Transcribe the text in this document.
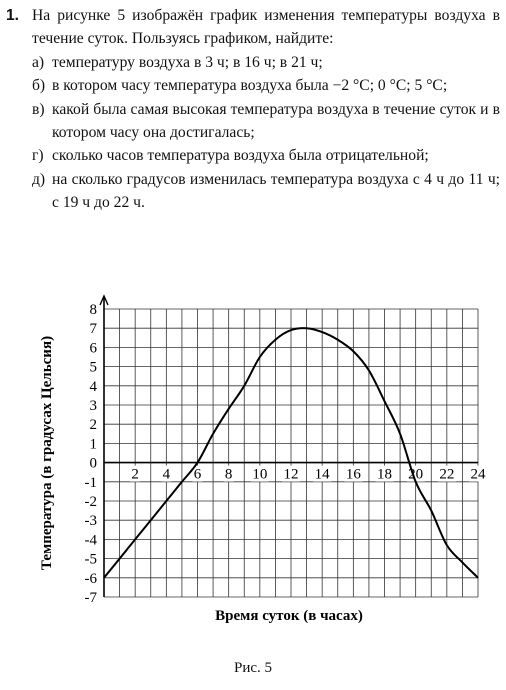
1. На рисунке 5 изображён график изменения температуры воздуха в течение суток. Пользуясь графиком, найдите:
а) температуру воздуха в 3 ч; в 16 ч; в 21 ч;
б) в котором часу температура воздуха была −2 °C; 0 °C; 5 °C;
в) какой была самая высокая температура воздуха в течение суток и в котором часу она достигалась;
г) сколько часов температура воздуха была отрицательной;
д) на сколько градусов изменилась температура воздуха с 4 ч до 11 ч; с 19 ч до 22 ч.
8
7
6
5
4
3
2
1
0
-1
-2
-3
-4
-5
-6
-7
2 4 6 8 10 12 14 16 18 20 22 24
Время суток (в часах)
Температура (в градусах Цельсия)
Рис. 5
